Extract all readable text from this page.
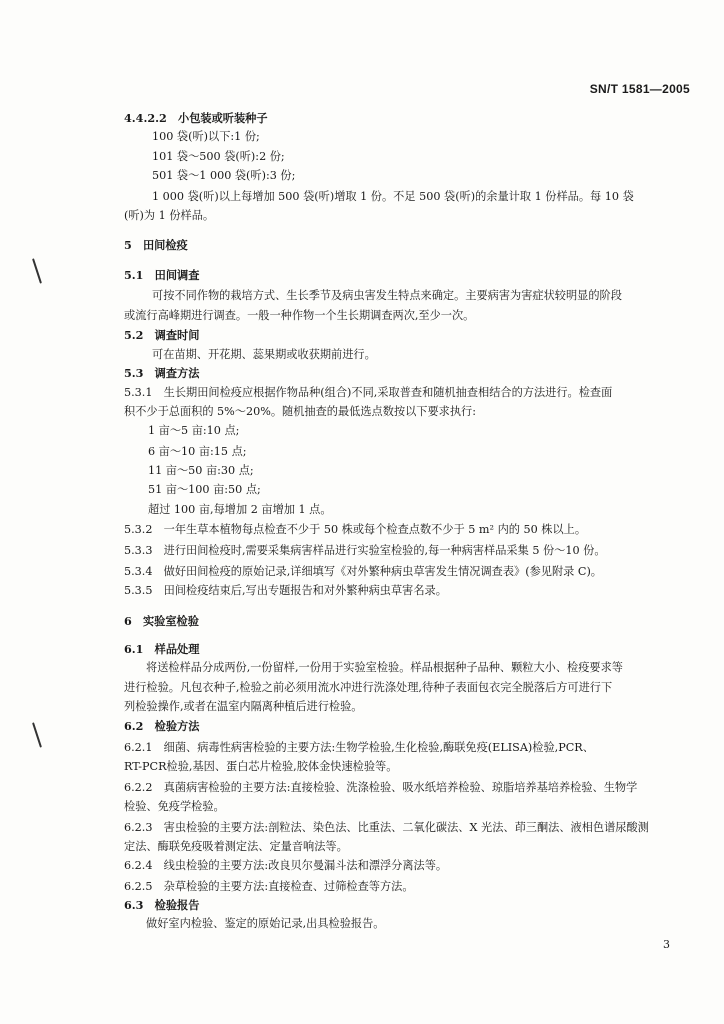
SN/T 1581—2005
4.4.2.2　小包装或听装种子
100 袋(听)以下:1 份;
101 袋～500 袋(听):2 份;
501 袋～1 000 袋(听):3 份;
1 000 袋(听)以上每增加 500 袋(听)增取 1 份。不足 500 袋(听)的余量计取 1 份样品。每 10 袋
(听)为 1 份样品。
5　田间检疫
5.1　田间调查
可按不同作物的栽培方式、生长季节及病虫害发生特点来确定。主要病害为害症状较明显的阶段
或流行高峰期进行调查。一般一种作物一个生长期调查两次,至少一次。
5.2　调查时间
可在苗期、开花期、蕊果期或收获期前进行。
5.3　调查方法
5.3.1　生长期田间检疫应根据作物品种(组合)不同,采取普查和随机抽查相结合的方法进行。检查面
积不少于总面积的 5%～20%。随机抽查的最低选点数按以下要求执行:
1 亩～5 亩:10 点;
6 亩～10 亩:15 点;
11 亩～50 亩:30 点;
51 亩～100 亩:50 点;
超过 100 亩,每增加 2 亩增加 1 点。
5.3.2　一年生草本植物每点检查不少于 50 株或每个检查点数不少于 5 m² 内的 50 株以上。
5.3.3　进行田间检疫时,需要采集病害样品进行实验室检验的,每一种病害样品采集 5 份～10 份。
5.3.4　做好田间检疫的原始记录,详细填写《对外繁种病虫草害发生情况调查表》(参见附录 C)。
5.3.5　田间检疫结束后,写出专题报告和对外繁种病虫草害名录。
6　实验室检验
6.1　样品处理
将送检样品分成两份,一份留样,一份用于实验室检验。样品根据种子品种、颗粒大小、检疫要求等
进行检验。凡包衣种子,检验之前必须用流水冲进行洗涤处理,待种子表面包衣完全脱落后方可进行下
列检验操作,或者在温室内隔离种植后进行检验。
6.2　检验方法
6.2.1　细菌、病毒性病害检验的主要方法:生物学检验,生化检验,酶联免疫(ELISA)检验,PCR、
RT-PCR检验,基因、蛋白芯片检验,胶体金快速检验等。
6.2.2　真菌病害检验的主要方法:直接检验、洗涤检验、吸水纸培养检验、琼脂培养基培养检验、生物学
检验、免疫学检验。
6.2.3　害虫检验的主要方法:剖粒法、染色法、比重法、二氧化碳法、X 光法、茚三酮法、液相色谱尿酸测
定法、酶联免疫吸着测定法、定量音响法等。
6.2.4　线虫检验的主要方法:改良贝尔曼漏斗法和漂浮分离法等。
6.2.5　杂草检验的主要方法:直接检查、过筛检查等方法。
6.3　检验报告
做好室内检验、鉴定的原始记录,出具检验报告。
3
